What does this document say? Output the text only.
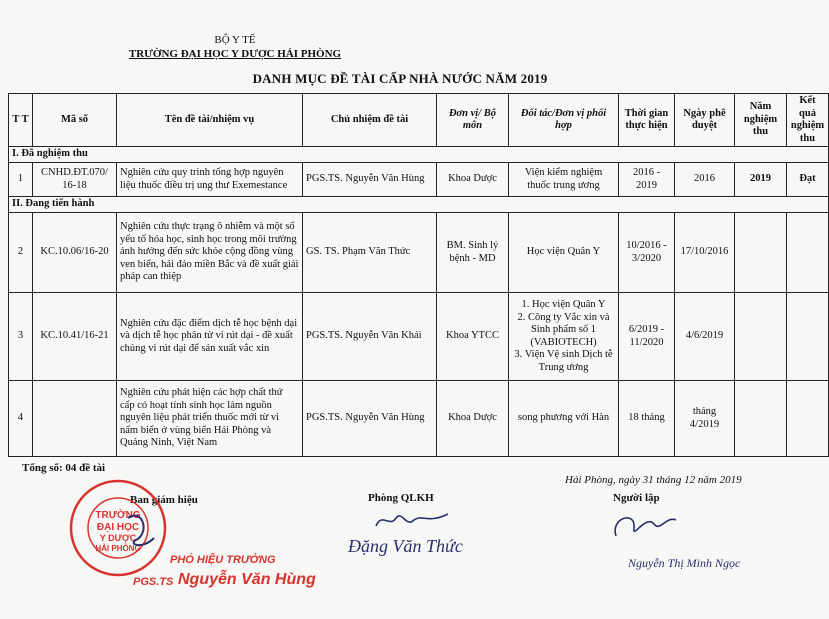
BỘ Y TẾ
TRƯỜNG ĐẠI HỌC Y DƯỢC HẢI PHÒNG
DANH MỤC ĐỀ TÀI CẤP NHÀ NƯỚC NĂM 2019
T T	Mã số	Tên đề tài/nhiệm vụ	Chủ nhiệm đề tài	Đơn vị/ Bộ môn	Đối tác/Đơn vị phối hợp	Thời gian thực hiện	Ngày phê duyệt	Năm nghiệm thu	Kết quả nghiệm thu
I. Đã nghiệm thu									
1	CNHD.ĐT.070/ 16-18	Nghiên cứu quy trình tổng hợp nguyên liệu thuốc điều trị ung thư Exemestance	PGS.TS. Nguyễn Văn Hùng	Khoa Dược	Viện kiểm nghiệm thuốc trung ương	2016 - 2019	2016	2019	Đạt
II. Đang tiến hành									
2	KC.10.06/16-20	Nghiên cứu thực trạng ô nhiễm và một số yếu tố hóa học, sinh học trong môi trường ảnh hưởng đến sức khỏe cộng đồng vùng ven biển, hải đảo miền Bắc và đề xuất giải pháp can thiệp	GS. TS. Phạm Văn Thức	BM. Sinh lý bệnh - MD	Học viện Quân Y	10/2016 - 3/2020	17/10/2016		
3	KC.10.41/16-21	Nghiên cứu đặc điểm dịch tễ học bệnh dại và dịch tễ học phân tử vi rút dại - đề xuất chủng vi rút dại để sản xuất vắc xin	PGS.TS. Nguyễn Văn Khải	Khoa YTCC	1. Học viện Quân Y
2. Công ty Vắc xin và Sinh phẩm số 1 (VABIOTECH)
3. Viện Vệ sinh Dịch tễ Trung ương	6/2019 - 11/2020	4/6/2019		
4		Nghiên cứu phát hiện các hợp chất thứ cấp có hoạt tính sinh học làm nguồn nguyên liệu phát triển thuốc mới từ vi nấm biển ở vùng biển Hải Phòng và Quảng Ninh, Việt Nam	PGS.TS. Nguyễn Văn Hùng	Khoa Dược	song phương với Hàn	18 tháng	tháng 4/2019		
Tổng số: 04 đề tài
Hải Phòng, ngày 31 tháng 12 năm 2019
Ban giám hiệu	Phòng QLKH	Người lập
TRƯỜNG
ĐẠI HỌC
Y DƯỢC
HẢI PHÒNG
PHÓ HIỆU TRƯỞNG
PGS.TS Nguyễn Văn Hùng
Đặng Văn Thức
Nguyễn Thị Minh Ngọc
